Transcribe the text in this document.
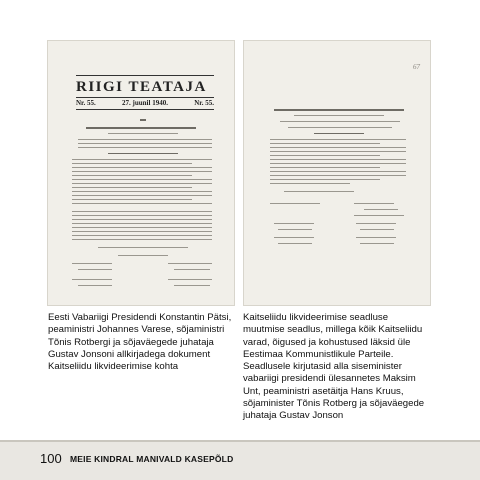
RIIGI TEATAJA
Nr. 55.	27. juunil 1940.	Nr. 55.
67

Eesti Vabariigi Presidendi Konstantin Pätsi, peaministri Johannes Varese, sõjaministri Tõnis Rotbergi ja sõjaväegede juhataja Gustav Jonsoni allkirjadega dokument Kaitseliidu likvideerimise kohta

Kaitseliidu likvideerimise seadluse muutmise seadlus, millega kõik Kaitseliidu varad, õigused ja kohustused läksid üle Eestimaa Kommunistlikule Parteile. Seadlusele kirjutasid alla siseminister vabariigi presidendi ülesannetes Maksim Unt, peaministri asetäitja Hans Kruus, sõjaminister Tõnis Rotberg ja sõjaväegede juhataja Gustav Jonson

100 MEIE KINDRAL MANIVALD KASEPÕLD
